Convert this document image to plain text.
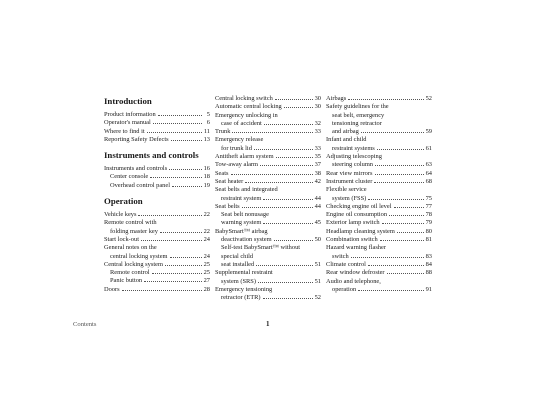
Introduction
Product information	5
Operator's manual	6
Where to find it	11
Reporting Safety Defects	13
Instruments and controls
Instruments and controls	16
Center console	18
Overhead control panel	19
Operation
Vehicle keys	22
Remote control with
folding master key	22
Start lock-out	24
General notes on the
central locking system	24
Central locking system	25
Remote control	25
Panic button	27
Doors	28
Central locking switch	30
Automatic central locking	30
Emergency unlocking in
case of accident	32
Trunk	33
Emergency release
for trunk lid	33
Antitheft alarm system	35
Tow-away alarm	37
Seats	38
Seat heater	42
Seat belts and integrated
restraint system	44
Seat belts	44
Seat belt nonusage
warning system	45
BabySmart™ airbag
deactivation system	50
Self-test BabySmart™ without
special child
seat installed	51
Supplemental restraint
system (SRS)	51
Emergency tensioning
retractor (ETR)	52
Airbags	52
Safety guidelines for the
seat belt, emergency
tensioning retractor
and airbag	59
Infant and child
restraint systems	61
Adjusting telescoping
steering column	63
Rear view mirrors	64
Instrument cluster	68
Flexible service
system (FSS)	75
Checking engine oil level	77
Engine oil consumption	78
Exterior lamp switch	79
Headlamp cleaning system	80
Combination switch	81
Hazard warning flasher
switch	83
Climate control	84
Rear window defroster	88
Audio and telephone,
operation	91
Contents	1
